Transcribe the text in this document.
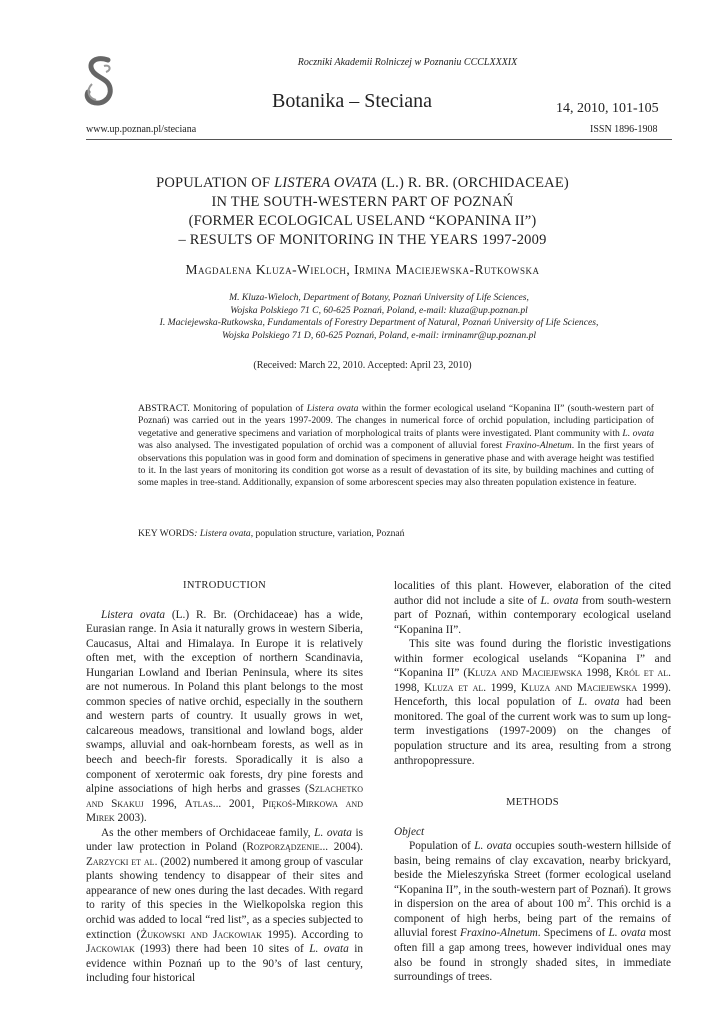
Roczniki Akademii Rolniczej w Poznaniu CCCLXXXIX
Botanika – Steciana	14, 2010, 101-105
www.up.poznan.pl/steciana	ISSN 1896-1908
POPULATION OF LISTERA OVATA (L.) R. BR. (ORCHIDACEAE)
IN THE SOUTH-WESTERN PART OF POZNAŃ
(FORMER ECOLOGICAL USELAND “KOPANINA II”)
– RESULTS OF MONITORING IN THE YEARS 1997-2009
Magdalena Kluza-Wieloch, Irmina Maciejewska-Rutkowska
M. Kluza-Wieloch, Department of Botany, Poznań University of Life Sciences,
Wojska Polskiego 71 C, 60-625 Poznań, Poland, e-mail: kluza@up.poznan.pl
I. Maciejewska-Rutkowska, Fundamentals of Forestry Department of Natural, Poznań University of Life Sciences,
Wojska Polskiego 71 D, 60-625 Poznań, Poland, e-mail: irminamr@up.poznan.pl
(Received: March 22, 2010. Accepted: April 23, 2010)
ABSTRACT. Monitoring of population of Listera ovata within the former ecological useland “Kopanina II” (south-western part of Poznań) was carried out in the years 1997-2009. The changes in numerical force of orchid population, including participation of vegetative and generative specimens and variation of morphological traits of plants were investigated. Plant community with L. ovata was also analysed. The investigated population of orchid was a component of alluvial forest Fraxino-Alnetum. In the first years of observations this population was in good form and domination of specimens in generative phase and with average height was testified to it. In the last years of monitoring its condition got worse as a result of devastation of its site, by building machines and cutting of some maples in tree-stand. Additionally, expansion of some arborescent species may also threaten population existence in feature.
KEY WORDS: Listera ovata, population structure, variation, Poznań

INTRODUCTION

Listera ovata (L.) R. Br. (Orchidaceae) has a wide, Eurasian range. In Asia it naturally grows in western Siberia, Caucasus, Altai and Himalaya. In Europe it is relatively often met, with the exception of northern Scandinavia, Hungarian Lowland and Iberian Peninsula, where its sites are not numerous. In Poland this plant belongs to the most common species of native orchid, especially in the southern and western parts of country. It usually grows in wet, calcareous meadows, transitional and lowland bogs, alder swamps, alluvial and oak-hornbeam forests, as well as in beech and beech-fir forests. Sporadically it is also a component of xerotermic oak forests, dry pine forests and alpine associations of high herbs and grasses (Szlachetko and Skakuj 1996, Atlas... 2001, Piękoś-Mirkowa and Mirek 2003).

As the other members of Orchidaceae family, L. ovata is under law protection in Poland (Rozporządzenie... 2004). Zarzycki et al. (2002) numbered it among group of vascular plants showing tendency to disappear of their sites and appearance of new ones during the last decades. With regard to rarity of this species in the Wielkopolska region this orchid was added to local “red list”, as a species subjected to extinction (Żukowski and Jackowiak 1995). According to Jackowiak (1993) there had been 10 sites of L. ovata in evidence within Poznań up to the 90’s of last century, including four historical

localities of this plant. However, elaboration of the cited author did not include a site of L. ovata from south-western part of Poznań, within contemporary ecological useland “Kopanina II”.

This site was found during the floristic investigations within former ecological uselands “Kopanina I” and “Kopanina II” (Kluza and Maciejewska 1998, Król et al. 1998, Kluza et al. 1999, Kluza and Maciejewska 1999). Henceforth, this local population of L. ovata had been monitored. The goal of the current work was to sum up long-term investigations (1997-2009) on the changes of population structure and its area, resulting from a strong anthropopressure.

METHODS

Object

Population of L. ovata occupies south-western hillside of basin, being remains of clay excavation, nearby brickyard, beside the Mieleszyńska Street (former ecological useland “Kopanina II”, in the south-western part of Poznań). It grows in dispersion on the area of about 100 $m^2$. This orchid is a component of high herbs, being part of the remains of alluvial forest Fraxino-Alnetum. Specimens of L. ovata most often fill a gap among trees, however individual ones may also be found in strongly shaded sites, in immediate surroundings of trees.
